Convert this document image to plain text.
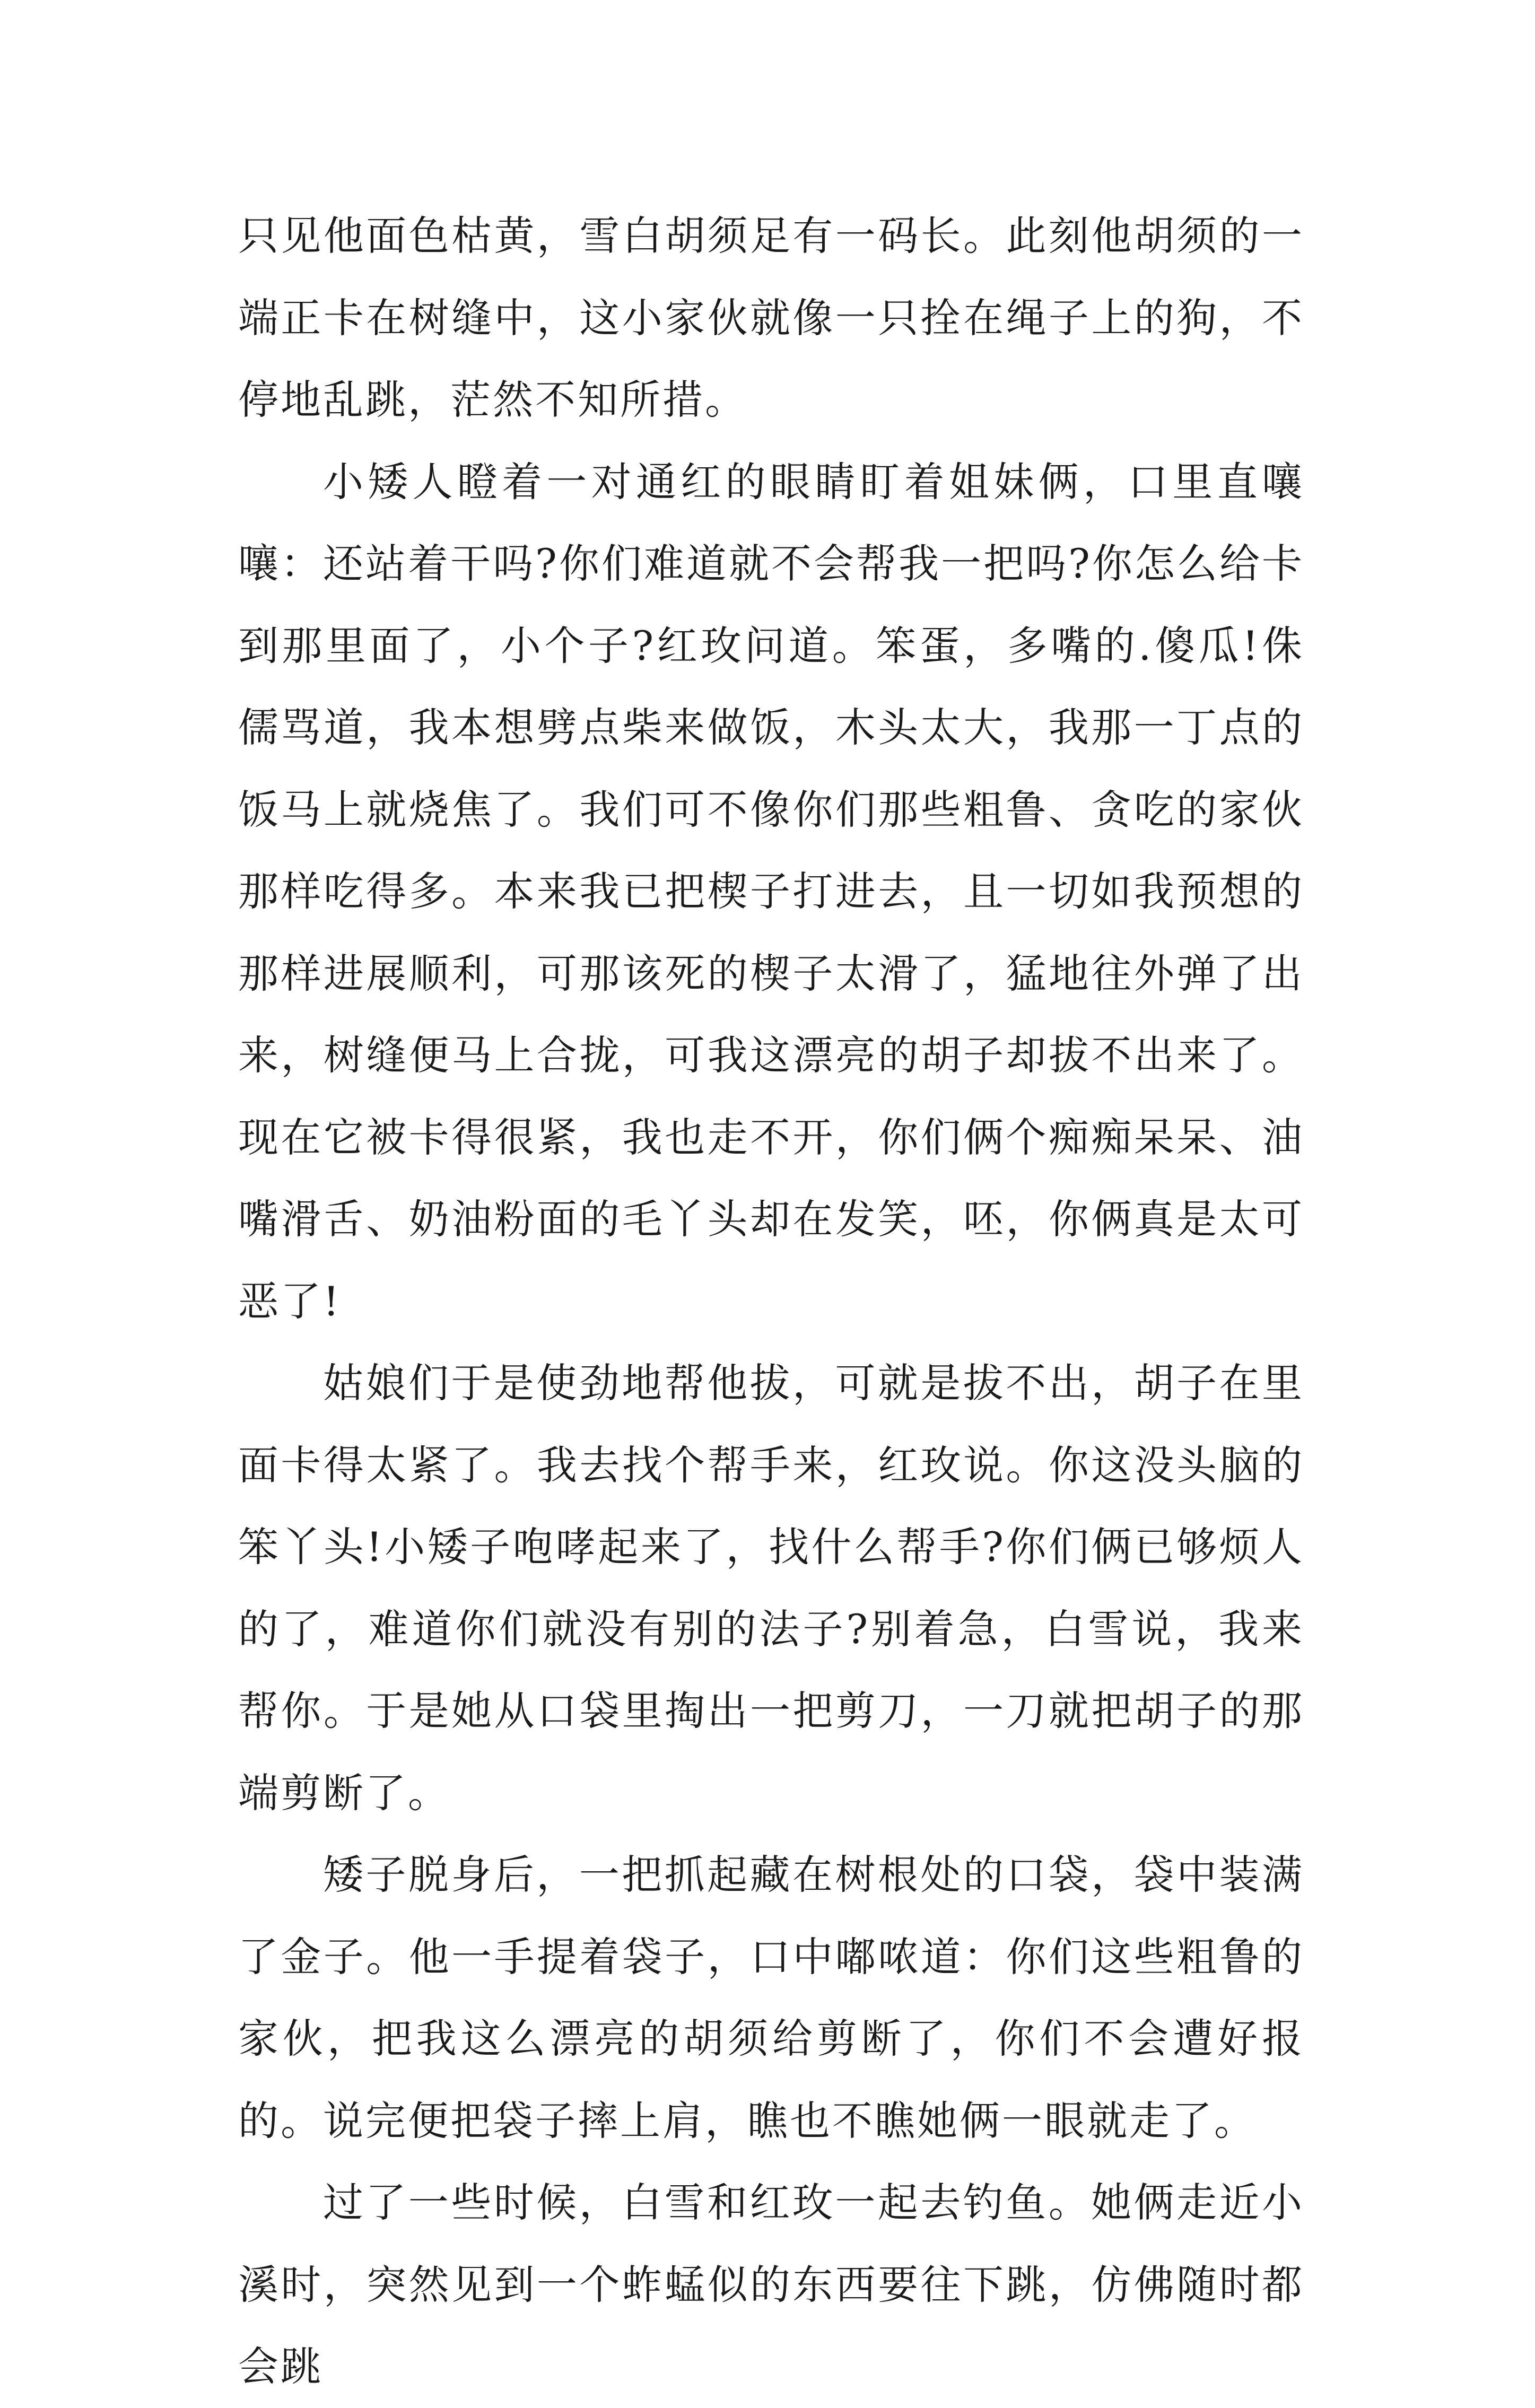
只见他面色枯黄，雪白胡须足有一码长。此刻他胡须的一端正卡在树缝中，这小家伙就像一只拴在绳子上的狗，不停地乱跳，茫然不知所措。

小矮人瞪着一对通红的眼睛盯着姐妹俩，口里直嚷嚷：还站着干吗?你们难道就不会帮我一把吗?你怎么给卡到那里面了，小个子?红玫问道。笨蛋，多嘴的.傻瓜!侏儒骂道，我本想劈点柴来做饭，木头太大，我那一丁点的饭马上就烧焦了。我们可不像你们那些粗鲁、贪吃的家伙那样吃得多。本来我已把楔子打进去，且一切如我预想的那样进展顺利，可那该死的楔子太滑了，猛地往外弹了出来，树缝便马上合拢，可我这漂亮的胡子却拔不出来了。现在它被卡得很紧，我也走不开，你们俩个痴痴呆呆、油嘴滑舌、奶油粉面的毛丫头却在发笑，呸，你俩真是太可恶了!

姑娘们于是使劲地帮他拔，可就是拔不出，胡子在里面卡得太紧了。我去找个帮手来，红玫说。你这没头脑的笨丫头!小矮子咆哮起来了，找什么帮手?你们俩已够烦人的了，难道你们就没有别的法子?别着急，白雪说，我来帮你。于是她从口袋里掏出一把剪刀，一刀就把胡子的那端剪断了。

矮子脱身后，一把抓起藏在树根处的口袋，袋中装满了金子。他一手提着袋子，口中嘟哝道：你们这些粗鲁的家伙，把我这么漂亮的胡须给剪断了，你们不会遭好报的。说完便把袋子摔上肩，瞧也不瞧她俩一眼就走了。

过了一些时候，白雪和红玫一起去钓鱼。她俩走近小溪时，突然见到一个蚱蜢似的东西要往下跳，仿佛随时都会跳
